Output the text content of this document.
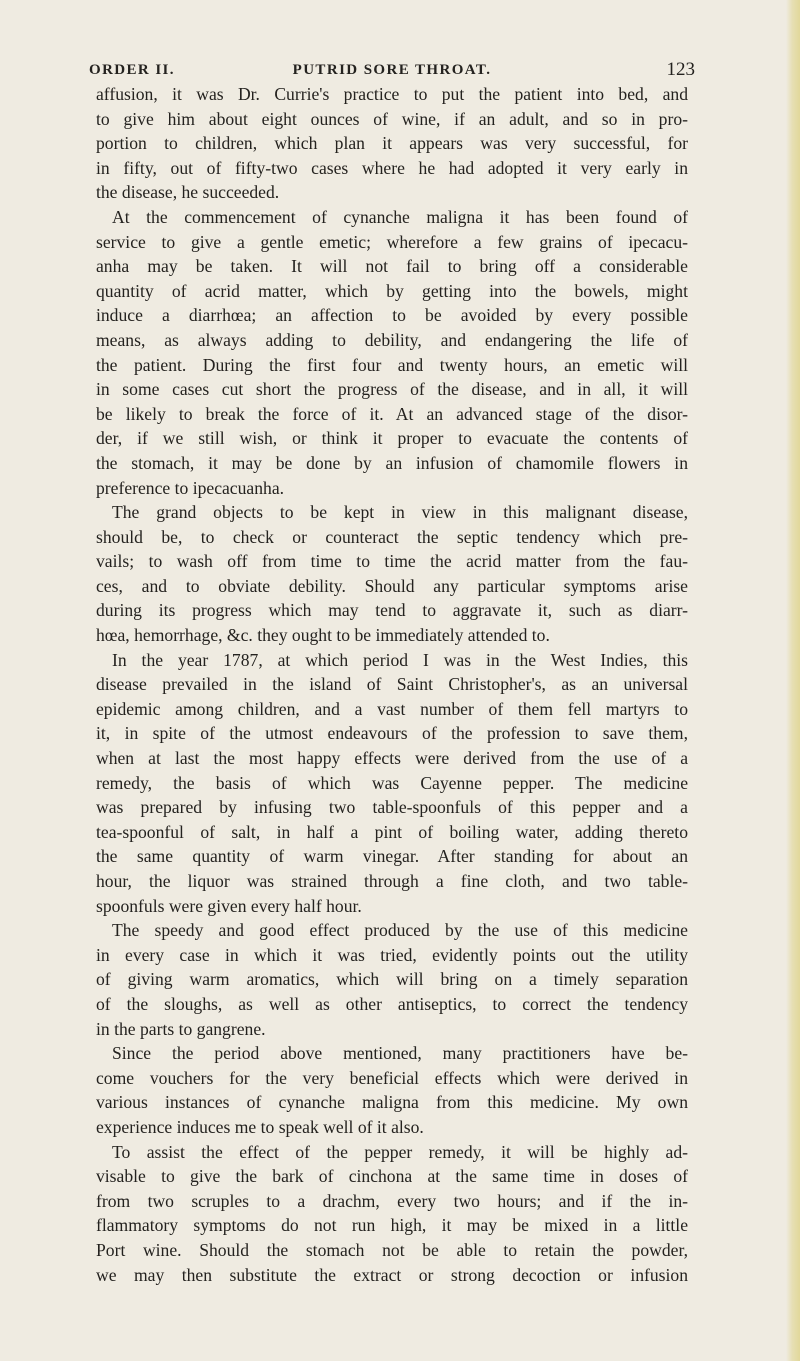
ORDER II.	PUTRID SORE THROAT.	123
affusion, it was Dr. Currie's practice to put the patient into bed, and
to give him about eight ounces of wine, if an adult, and so in pro-
portion to children, which plan it appears was very successful, for
in fifty, out of fifty-two cases where he had adopted it very early in
the disease, he succeeded.
At the commencement of cynanche maligna it has been found of
service to give a gentle emetic; wherefore a few grains of ipecacu-
anha may be taken. It will not fail to bring off a considerable
quantity of acrid matter, which by getting into the bowels, might
induce a diarrhœa; an affection to be avoided by every possible
means, as always adding to debility, and endangering the life of
the patient. During the first four and twenty hours, an emetic will
in some cases cut short the progress of the disease, and in all, it will
be likely to break the force of it. At an advanced stage of the disor-
der, if we still wish, or think it proper to evacuate the contents of
the stomach, it may be done by an infusion of chamomile flowers in
preference to ipecacuanha.
The grand objects to be kept in view in this malignant disease,
should be, to check or counteract the septic tendency which pre-
vails; to wash off from time to time the acrid matter from the fau-
ces, and to obviate debility. Should any particular symptoms arise
during its progress which may tend to aggravate it, such as diarr-
hœa, hemorrhage, &c. they ought to be immediately attended to.
In the year 1787, at which period I was in the West Indies, this
disease prevailed in the island of Saint Christopher's, as an universal
epidemic among children, and a vast number of them fell martyrs to
it, in spite of the utmost endeavours of the profession to save them,
when at last the most happy effects were derived from the use of a
remedy, the basis of which was Cayenne pepper. The medicine
was prepared by infusing two table-spoonfuls of this pepper and a
tea-spoonful of salt, in half a pint of boiling water, adding thereto
the same quantity of warm vinegar. After standing for about an
hour, the liquor was strained through a fine cloth, and two table-
spoonfuls were given every half hour.
The speedy and good effect produced by the use of this medicine
in every case in which it was tried, evidently points out the utility
of giving warm aromatics, which will bring on a timely separation
of the sloughs, as well as other antiseptics, to correct the tendency
in the parts to gangrene.
Since the period above mentioned, many practitioners have be-
come vouchers for the very beneficial effects which were derived in
various instances of cynanche maligna from this medicine. My own
experience induces me to speak well of it also.
To assist the effect of the pepper remedy, it will be highly ad-
visable to give the bark of cinchona at the same time in doses of
from two scruples to a drachm, every two hours; and if the in-
flammatory symptoms do not run high, it may be mixed in a little
Port wine. Should the stomach not be able to retain the powder,
we may then substitute the extract or strong decoction or infusion
